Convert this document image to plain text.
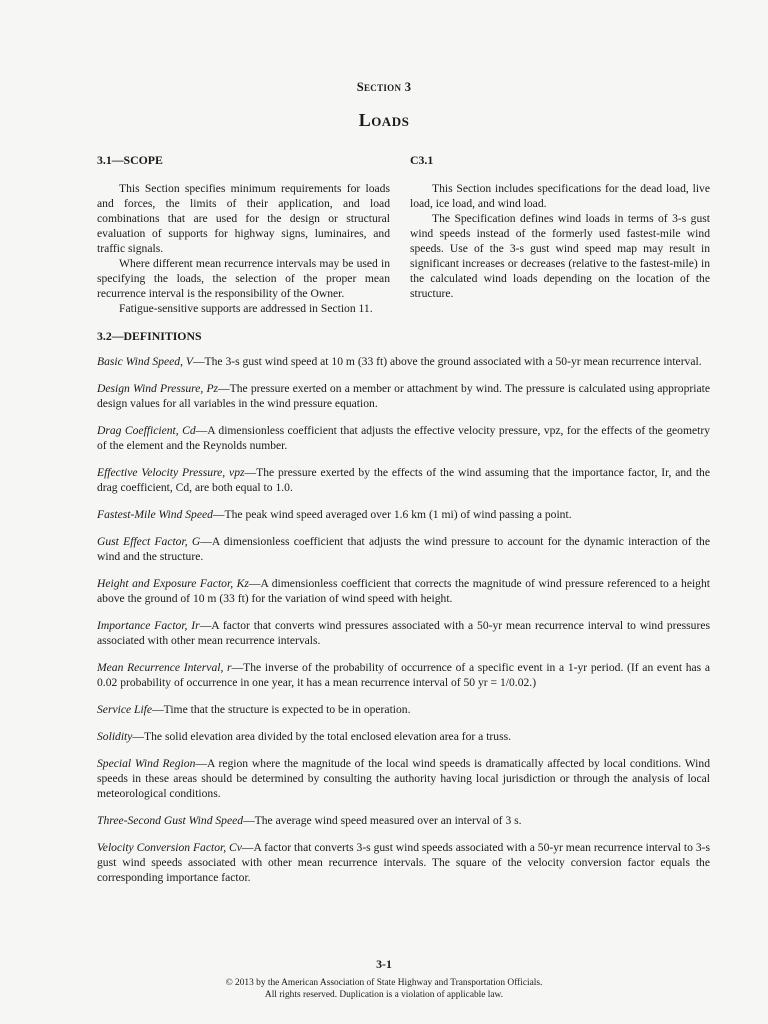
Section 3
Loads
3.1—SCOPE

This Section specifies minimum requirements for loads and forces, the limits of their application, and load combinations that are used for the design or structural evaluation of supports for highway signs, luminaires, and traffic signals.

Where different mean recurrence intervals may be used in specifying the loads, the selection of the proper mean recurrence interval is the responsibility of the Owner.

Fatigue-sensitive supports are addressed in Section 11.

C3.1

This Section includes specifications for the dead load, live load, ice load, and wind load.

The Specification defines wind loads in terms of 3-s gust wind speeds instead of the formerly used fastest-mile wind speeds. Use of the 3-s gust wind speed map may result in significant increases or decreases (relative to the fastest-mile) in the calculated wind loads depending on the location of the structure.

3.2—DEFINITIONS

Basic Wind Speed, V—The 3-s gust wind speed at 10 m (33 ft) above the ground associated with a 50-yr mean recurrence interval.

Design Wind Pressure, Pz—The pressure exerted on a member or attachment by wind. The pressure is calculated using appropriate design values for all variables in the wind pressure equation.

Drag Coefficient, Cd—A dimensionless coefficient that adjusts the effective velocity pressure, vpz, for the effects of the geometry of the element and the Reynolds number.

Effective Velocity Pressure, vpz—The pressure exerted by the effects of the wind assuming that the importance factor, Ir, and the drag coefficient, Cd, are both equal to 1.0.

Fastest-Mile Wind Speed—The peak wind speed averaged over 1.6 km (1 mi) of wind passing a point.

Gust Effect Factor, G—A dimensionless coefficient that adjusts the wind pressure to account for the dynamic interaction of the wind and the structure.

Height and Exposure Factor, Kz—A dimensionless coefficient that corrects the magnitude of wind pressure referenced to a height above the ground of 10 m (33 ft) for the variation of wind speed with height.

Importance Factor, Ir—A factor that converts wind pressures associated with a 50-yr mean recurrence interval to wind pressures associated with other mean recurrence intervals.

Mean Recurrence Interval, r—The inverse of the probability of occurrence of a specific event in a 1-yr period. (If an event has a 0.02 probability of occurrence in one year, it has a mean recurrence interval of 50 yr = 1/0.02.)

Service Life—Time that the structure is expected to be in operation.

Solidity—The solid elevation area divided by the total enclosed elevation area for a truss.

Special Wind Region—A region where the magnitude of the local wind speeds is dramatically affected by local conditions. Wind speeds in these areas should be determined by consulting the authority having local jurisdiction or through the analysis of local meteorological conditions.

Three-Second Gust Wind Speed—The average wind speed measured over an interval of 3 s.

Velocity Conversion Factor, Cv—A factor that converts 3-s gust wind speeds associated with a 50-yr mean recurrence interval to 3-s gust wind speeds associated with other mean recurrence intervals. The square of the velocity conversion factor equals the corresponding importance factor.

3-1
© 2013 by the American Association of State Highway and Transportation Officials.
All rights reserved. Duplication is a violation of applicable law.
